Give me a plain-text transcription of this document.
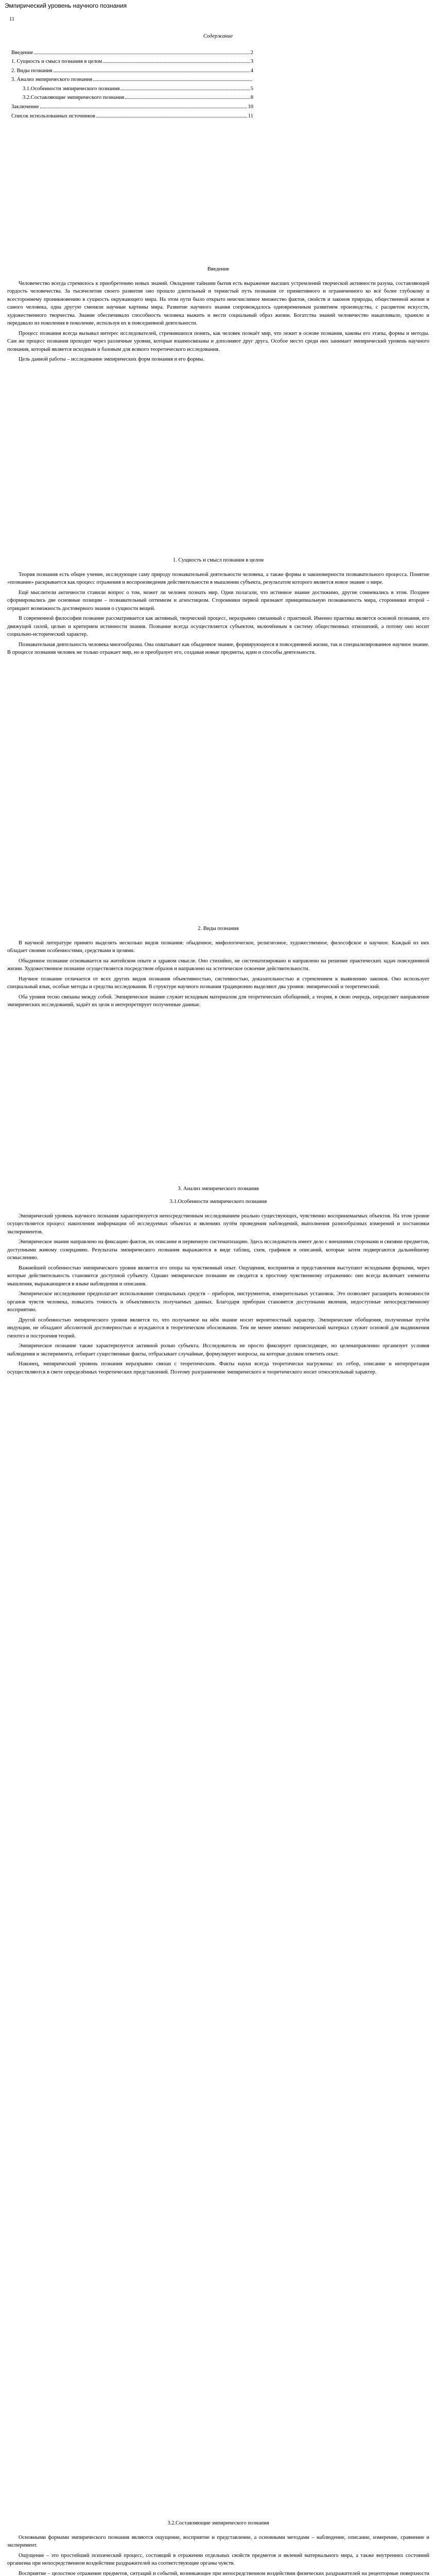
Эмпирический уровень научного познания
11
Содержание
Введение	2
1. Сущность и смысл познания в целом	3
2. Виды познания	4
3. Анализ эмпирического познания
3.1.Особенности эмпирического познания	5
3.2.Составляющие эмпирического познания	8
Заключение	10
Список использованных источников	11
Введение

Человечество всегда стремилось к приобретению новых знаний. Овладение тайнами бытия есть выражение высших устремлений творческой активности разума, составляющей гордость человечества. За тысячелетия своего развития оно прошло длительный и тернистый путь познания от примитивного и ограниченного ко всё более глубокому и всестороннему проникновению в сущность окружающего мира. На этом пути было открыто неисчислимое множество фактов, свойств и законов природы, общественной жизни и самого человека, одна другую сменяли научные картины мира. Развитие научного знания сопровождалось одновременным развитием производства, с расцветом искусств, художественного творчества. Знание обеспечивало способность человека выжить и вести социальный образ жизни. Богатства знаний человечество накапливало, хранило и передавало из поколения в поколение, используя их в повседневной деятельности.

Процесс познания всегда вызывал интерес исследователей, стремившихся понять, как человек познаёт мир, что лежит в основе познания, каковы его этапы, формы и методы. Сам же процесс познания проходит через различные уровни, которые взаимосвязаны и дополняют друг друга. Особое место среди них занимает эмпирический уровень научного познания, который является исходным и базовым для всякого теоретического исследования.

Цель данной работы – исследование эмпирических форм познания и его формы.

1. Сущность и смысл познания в целом

Теория познания есть общее учение, исследующее саму природу познавательной деятельности человека, а также формы и закономерности познавательного процесса. Понятие «познание» раскрывается как процесс отражения и воспроизведения действительности в мышлении субъекта, результатом которого является новое знание о мире.

Ещё мыслители античности ставили вопрос о том, может ли человек познать мир. Одни полагали, что истинное знание достижимо, другие сомневались в этом. Позднее сформировались две основные позиции – познавательный оптимизм и агностицизм. Сторонники первой признают принципиальную познаваемость мира, сторонники второй – отрицают возможность достоверного знания о сущности вещей.

В современной философии познание рассматривается как активный, творческий процесс, неразрывно связанный с практикой. Именно практика является основой познания, его движущей силой, целью и критерием истинности знания. Познание всегда осуществляется субъектом, включённым в систему общественных отношений, а потому оно носит социально-исторический характер.

Познавательная деятельность человека многообразна. Она охватывает как обыденное знание, формирующееся в повседневной жизни, так и специализированное научное знание. В процессе познания человек не только отражает мир, но и преобразует его, создавая новые предметы, идеи и способы деятельности.

2. Виды познания

В научной литературе принято выделять несколько видов познания: обыденное, мифологическое, религиозное, художественное, философское и научное. Каждый из них обладает своими особенностями, средствами и целями.

Обыденное познание основывается на житейском опыте и здравом смысле. Оно стихийно, не систематизировано и направлено на решение практических задач повседневной жизни. Художественное познание осуществляется посредством образов и направлено на эстетическое освоение действительности.

Научное познание отличается от всех других видов познания объективностью, системностью, доказательностью и стремлением к выявлению законов. Оно использует специальный язык, особые методы и средства исследования. В структуре научного познания традиционно выделяют два уровня: эмпирический и теоретический.

Оба уровня тесно связаны между собой. Эмпирическое знание служит исходным материалом для теоретических обобщений, а теория, в свою очередь, определяет направление эмпирических исследований, задаёт их цели и интерпретирует полученные данные.

3. Анализ эмпирического познания
3.1.Особенности эмпирического познания

Эмпирический уровень научного познания характеризуется непосредственным исследованием реально существующих, чувственно воспринимаемых объектов. На этом уровне осуществляется процесс накопления информации об исследуемых объектах и явлениях путём проведения наблюдений, выполнения разнообразных измерений и постановки экспериментов.

Эмпирическое знание направлено на фиксацию фактов, их описание и первичную систематизацию. Здесь исследователь имеет дело с внешними сторонами и связями предметов, доступными живому созерцанию. Результаты эмпирического познания выражаются в виде таблиц, схем, графиков и описаний, которые затем подвергаются дальнейшему осмыслению.

Важнейшей особенностью эмпирического уровня является его опора на чувственный опыт. Ощущения, восприятия и представления выступают исходными формами, через которые действительность становится доступной субъекту. Однако эмпирическое познание не сводится к простому чувственному отражению: оно всегда включает элементы мышления, выражающиеся в языке наблюдения и описания.

Эмпирическое исследование предполагает использование специальных средств – приборов, инструментов, измерительных установок. Это позволяет расширить возможности органов чувств человека, повысить точность и объективность получаемых данных. Благодаря приборам становятся доступными явления, недоступные непосредственному восприятию.

Другой особенностью эмпирического уровня является то, что получаемое на нём знание носит вероятностный характер. Эмпирические обобщения, полученные путём индукции, не обладают абсолютной достоверностью и нуждаются в теоретическом обосновании. Тем не менее именно эмпирический материал служит основой для выдвижения гипотез и построения теорий.

Эмпирическое познание также характеризуется активной ролью субъекта. Исследователь не просто фиксирует происходящее, но целенаправленно организует условия наблюдения и эксперимента, отбирает существенные факты, отбрасывает случайные, формулирует вопросы, на которые должен ответить опыт.

Наконец, эмпирический уровень познания неразрывно связан с теоретическим. Факты науки всегда теоретически нагружены: их отбор, описание и интерпретация осуществляются в свете определённых теоретических представлений. Поэтому разграничение эмпирического и теоретического носит относительный характер.

3.2.Составляющие эмпирического познания

Основными формами эмпирического познания являются ощущение, восприятие и представление, а основными методами – наблюдение, описание, измерение, сравнение и эксперимент.

Ощущение – это простейший психический процесс, состоящий в отражении отдельных свойств предметов и явлений материального мира, а также внутренних состояний организма при непосредственном воздействии раздражителей на соответствующие органы чувств.

Восприятие – целостное отражение предметов, ситуаций и событий, возникающее при непосредственном воздействии физических раздражителей на рецепторные поверхности
